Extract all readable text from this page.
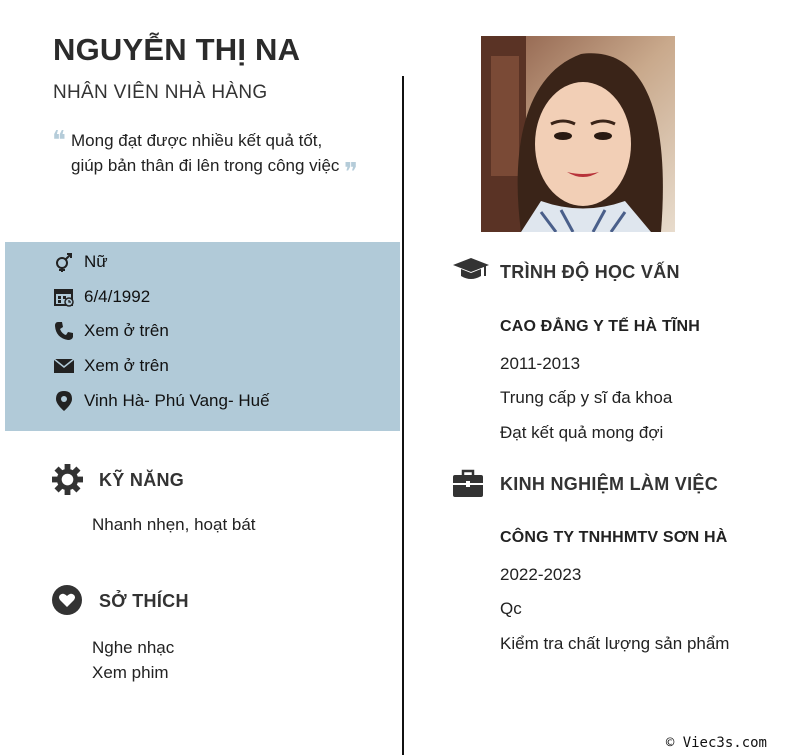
NGUYỄN THỊ NA
NHÂN VIÊN NHÀ HÀNG
❝ Mong đạt được nhiều kết quả tốt,
giúp bản thân đi lên trong công việc ❞
Nữ
6/4/1992
Xem ở trên
Xem ở trên
Vinh Hà- Phú Vang- Huế
KỸ NĂNG
Nhanh nhẹn, hoạt bát
SỞ THÍCH
Nghe nhạc
Xem phim
TRÌNH ĐỘ HỌC VẤN
CAO ĐẲNG Y TẾ HÀ TĨNH
2011-2013
Trung cấp y sĩ đa khoa
Đạt kết quả mong đợi
KINH NGHIỆM LÀM VIỆC
CÔNG TY TNHHMTV SƠN HÀ
2022-2023
Qc
Kiểm tra chất lượng sản phẩm
© Viec3s.com
